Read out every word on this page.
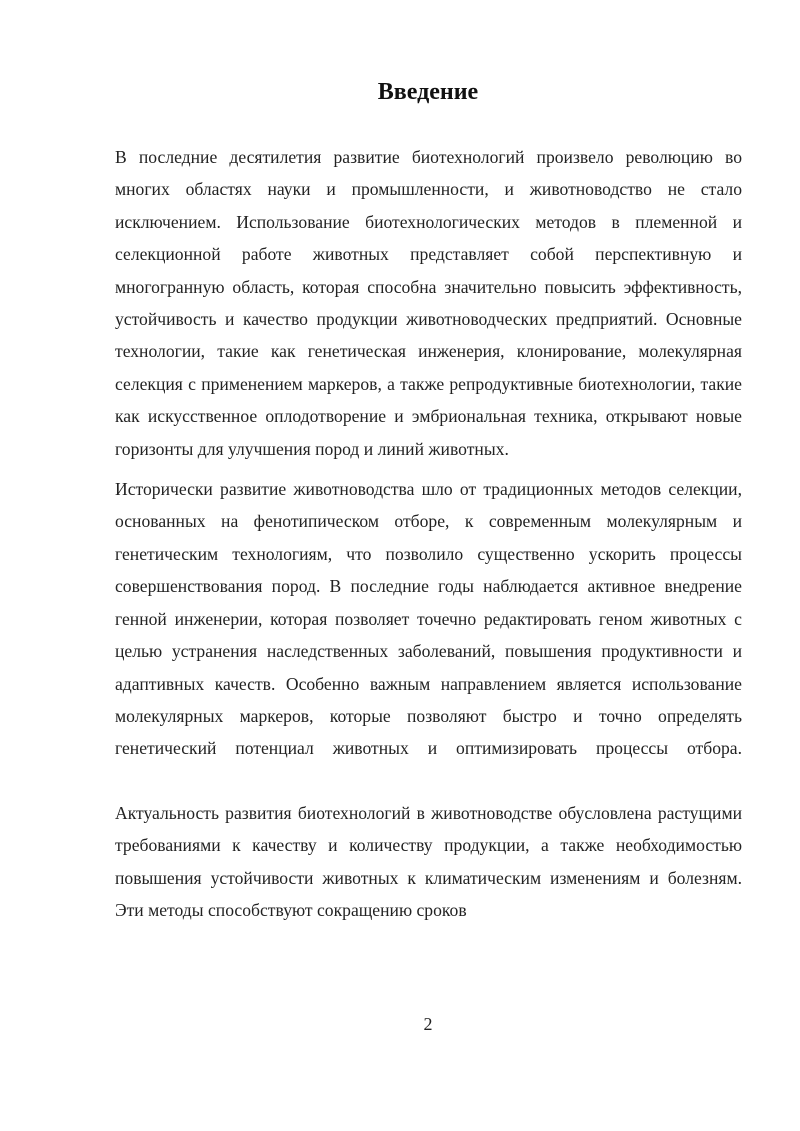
Введение

В последние десятилетия развитие биотехнологий произвело революцию во многих областях науки и промышленности, и животноводство не стало исключением. Использование биотехнологических методов в племенной и селекционной работе животных представляет собой перспективную и многогранную область, которая способна значительно повысить эффективность, устойчивость и качество продукции животноводческих предприятий. Основные технологии, такие как генетическая инженерия, клонирование, молекулярная селекция с применением маркеров, а также репродуктивные биотехнологии, такие как искусственное оплодотворение и эмбриональная техника, открывают новые горизонты для улучшения пород и линий животных.

Исторически развитие животноводства шло от традиционных методов селекции, основанных на фенотипическом отборе, к современным молекулярным и генетическим технологиям, что позволило существенно ускорить процессы совершенствования пород. В последние годы наблюдается активное внедрение генной инженерии, которая позволяет точечно редактировать геном животных с целью устранения наследственных заболеваний, повышения продуктивности и адаптивных качеств. Особенно важным направлением является использование молекулярных маркеров, которые позволяют быстро и точно определять генетический потенциал животных и оптимизировать процессы отбора.

Актуальность развития биотехнологий в животноводстве обусловлена растущими требованиями к качеству и количеству продукции, а также необходимостью повышения устойчивости животных к климатическим изменениям и болезням. Эти методы способствуют сокращению сроков

2
